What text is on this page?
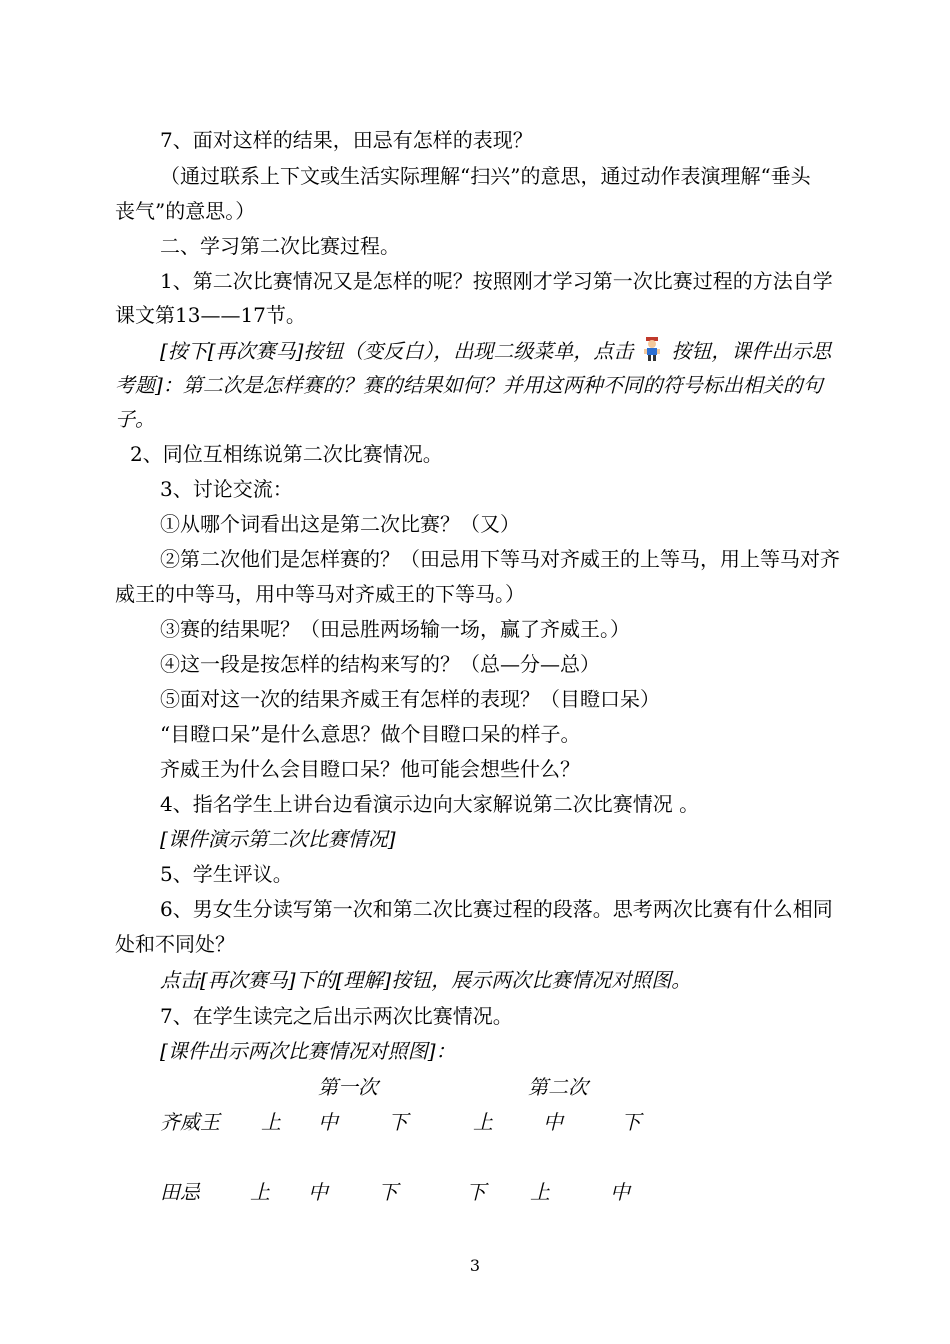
7、面对这样的结果，田忌有怎样的表现？
（通过联系上下文或生活实际理解“扫兴”的意思，通过动作表演理解“垂头
丧气”的意思。）
二、学习第二次比赛过程。
1、第二次比赛情况又是怎样的呢？按照刚才学习第一次比赛过程的方法自学
课文第13——17节。
[按下[再次赛马]按钮（变反白），出现二级菜单，点击 按钮，课件出示思
考题]：第二次是怎样赛的？赛的结果如何？并用这两种不同的符号标出相关的句
子。
2、同位互相练说第二次比赛情况。
3、讨论交流：
①从哪个词看出这是第二次比赛？（又）
②第二次他们是怎样赛的？（田忌用下等马对齐威王的上等马，用上等马对齐
威王的中等马，用中等马对齐威王的下等马。）
③赛的结果呢？（田忌胜两场输一场，赢了齐威王。）
④这一段是按怎样的结构来写的？（总—分—总）
⑤面对这一次的结果齐威王有怎样的表现？（目瞪口呆）
“目瞪口呆”是什么意思？做个目瞪口呆的样子。
齐威王为什么会目瞪口呆？他可能会想些什么？
4、指名学生上讲台边看演示边向大家解说第二次比赛情况 。
[课件演示第二次比赛情况]
5、学生评议。
6、男女生分读写第一次和第二次比赛过程的段落。思考两次比赛有什么相同
处和不同处？
点击[再次赛马]下的[理解]按钮，展示两次比赛情况对照图。
7、在学生读完之后出示两次比赛情况。
[课件出示两次比赛情况对照图]：
第一次	第二次
齐威王 上 中	下	上	中	下
田忌	上 中	下	下 上	中
3
